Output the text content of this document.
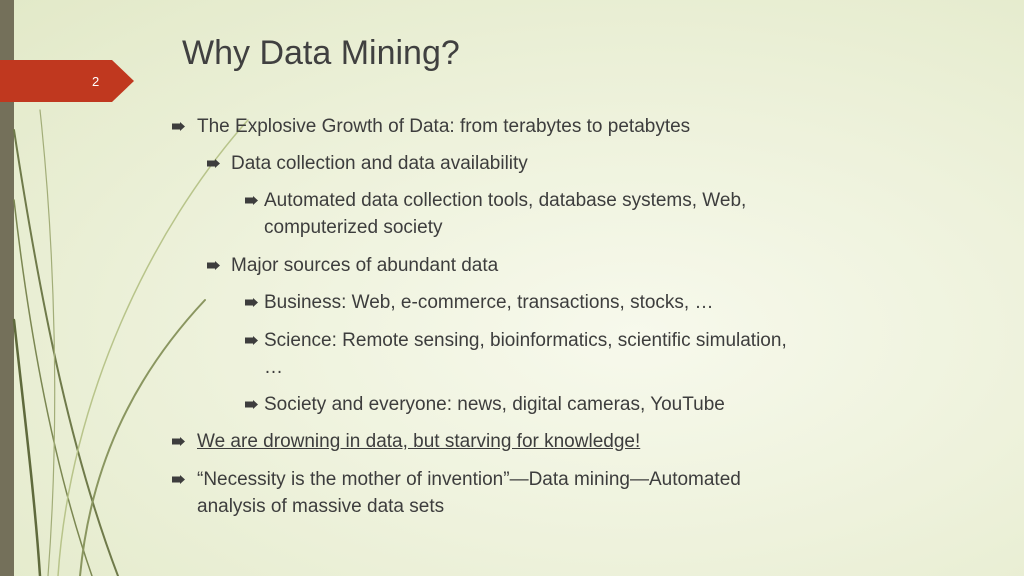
2
Why Data Mining?
The Explosive Growth of Data: from terabytes to petabytes
Data collection and data availability
Automated data collection tools, database systems, Web,
computerized society
Major sources of abundant data
Business: Web, e-commerce, transactions, stocks, …
Science: Remote sensing, bioinformatics, scientific simulation,
…
Society and everyone: news, digital cameras, YouTube
We are drowning in data, but starving for knowledge!
“Necessity is the mother of invention”—Data mining—Automated
analysis of massive data sets
